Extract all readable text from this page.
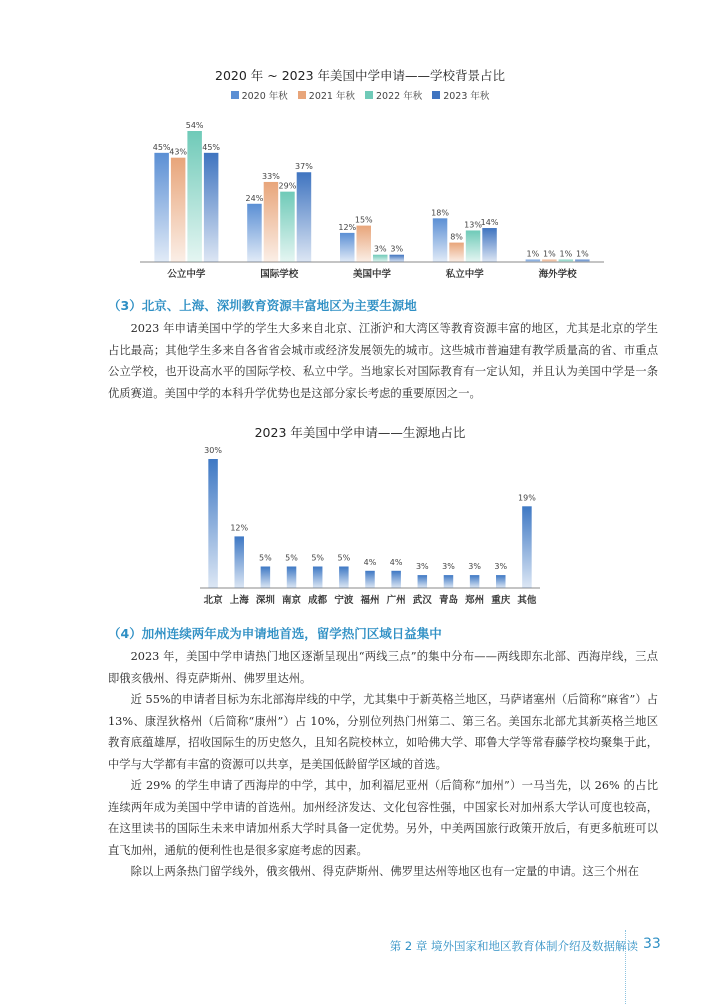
2020 年 ~ 2023 年美国中学申请——学校背景占比
2020 年秋 2021 年秋 2022 年秋 2023 年秋
45%
43%
54%
45%
公立中学
24%
33%
29%
37%
国际学校
12%
15%
3% 3%
美国中学
18%
8%
13%
14%
私立中学
1% 1% 1% 1%
海外学校
（3）北京、上海、深圳教育资源丰富地区为主要生源地

2023 年申请美国中学的学生大多来自北京、江浙沪和大湾区等教育资源丰富的地区，尤其是北京的学生占比最高；其他学生多来自各省省会城市或经济发展领先的城市。这些城市普遍建有教学质量高的省、市重点公立学校，也开设高水平的国际学校、私立中学。当地家长对国际教育有一定认知，并且认为美国中学是一条优质赛道。美国中学的本科升学优势也是这部分家长考虑的重要原因之一。

2023 年美国中学申请——生源地占比
30%
北京
12%
上海
5%
深圳
5%
南京
5%
成都
5%
宁波
4%
福州
4%
广州
3%
武汉
3%
青岛
3%
郑州
3%
重庆
19%
其他
（4）加州连续两年成为申请地首选，留学热门区域日益集中

2023 年，美国中学申请热门地区逐渐呈现出“两线三点”的集中分布——两线即东北部、西海岸线，三点即俄亥俄州、得克萨斯州、佛罗里达州。

近 55%的申请者目标为东北部海岸线的中学，尤其集中于新英格兰地区，马萨诸塞州（后简称“麻省”）占 13%、康涅狄格州（后简称“康州”）占 10%，分别位列热门州第二、第三名。美国东北部尤其新英格兰地区教育底蕴雄厚，招收国际生的历史悠久，且知名院校林立，如哈佛大学、耶鲁大学等常春藤学校均聚集于此，中学与大学都有丰富的资源可以共享，是美国低龄留学区域的首选。

近 29% 的学生申请了西海岸的中学，其中，加利福尼亚州（后简称“加州”）一马当先，以 26% 的占比连续两年成为美国中学申请的首选州。加州经济发达、文化包容性强，中国家长对加州系大学认可度也较高，在这里读书的国际生未来申请加州系大学时具备一定优势。另外，中美两国旅行政策开放后，有更多航班可以直飞加州，通航的便利性也是很多家庭考虑的因素。

除以上两条热门留学线外，俄亥俄州、得克萨斯州、佛罗里达州等地区也有一定量的申请。这三个州在

第 2 章 境外国家和地区教育体制介绍及数据解读 33
